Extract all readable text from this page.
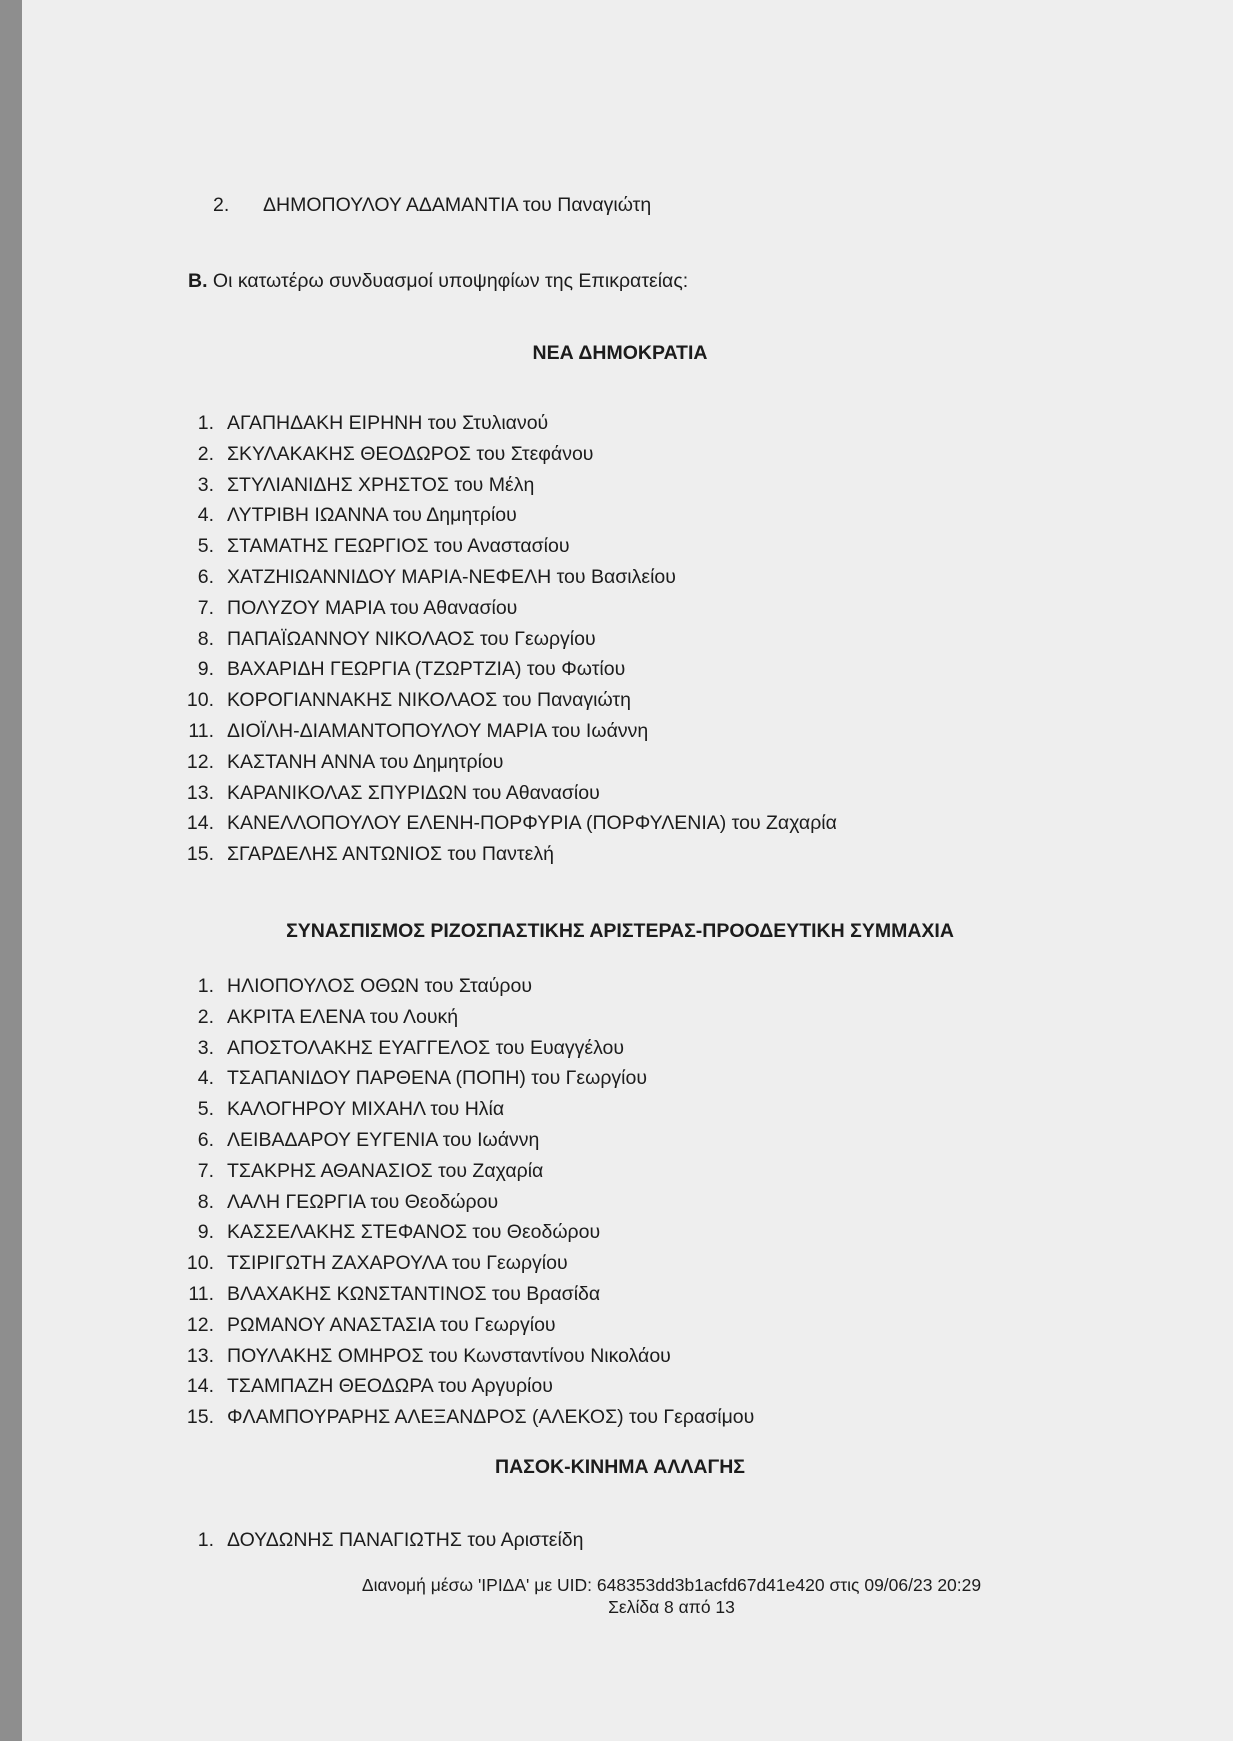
2. ΔΗΜΟΠΟΥΛΟΥ ΑΔΑΜΑΝΤΙΑ του Παναγιώτη
Β. Οι κατωτέρω συνδυασμοί υποψηφίων της Επικρατείας:
ΝΕΑ ΔΗΜΟΚΡΑΤΙΑ
1. ΑΓΑΠΗΔΑΚΗ ΕΙΡΗΝΗ του Στυλιανού
2. ΣΚΥΛΑΚΑΚΗΣ ΘΕΟΔΩΡΟΣ του Στεφάνου
3. ΣΤΥΛΙΑΝΙΔΗΣ ΧΡΗΣΤΟΣ του Μέλη
4. ΛΥΤΡΙΒΗ ΙΩΑΝΝΑ του Δημητρίου
5. ΣΤΑΜΑΤΗΣ ΓΕΩΡΓΙΟΣ του Αναστασίου
6. ΧΑΤΖΗΙΩΑΝΝΙΔΟΥ ΜΑΡΙΑ-ΝΕΦΕΛΗ του Βασιλείου
7. ΠΟΛΥΖΟΥ ΜΑΡΙΑ του Αθανασίου
8. ΠΑΠΑΪΩΑΝΝΟΥ ΝΙΚΟΛΑΟΣ του Γεωργίου
9. ΒΑΧΑΡΙΔΗ ΓΕΩΡΓΙΑ (ΤΖΩΡΤΖΙΑ) του Φωτίου
10. ΚΟΡΟΓΙΑΝΝΑΚΗΣ ΝΙΚΟΛΑΟΣ του Παναγιώτη
11. ΔΙΟΪΛΗ-ΔΙΑΜΑΝΤΟΠΟΥΛΟΥ ΜΑΡΙΑ του Ιωάννη
12. ΚΑΣΤΑΝΗ ΑΝΝΑ του Δημητρίου
13. ΚΑΡΑΝΙΚΟΛΑΣ ΣΠΥΡΙΔΩΝ του Αθανασίου
14. ΚΑΝΕΛΛΟΠΟΥΛΟΥ ΕΛΕΝΗ-ΠΟΡΦΥΡΙΑ (ΠΟΡΦΥΛΕΝΙΑ) του Ζαχαρία
15. ΣΓΑΡΔΕΛΗΣ ΑΝΤΩΝΙΟΣ του Παντελή
ΣΥΝΑΣΠΙΣΜΟΣ ΡΙΖΟΣΠΑΣΤΙΚΗΣ ΑΡΙΣΤΕΡΑΣ-ΠΡΟΟΔΕΥΤΙΚΗ ΣΥΜΜΑΧΙΑ
1. ΗΛΙΟΠΟΥΛΟΣ ΟΘΩΝ του Σταύρου
2. ΑΚΡΙΤΑ ΕΛΕΝΑ του Λουκή
3. ΑΠΟΣΤΟΛΑΚΗΣ ΕΥΑΓΓΕΛΟΣ του Ευαγγέλου
4. ΤΣΑΠΑΝΙΔΟΥ ΠΑΡΘΕΝΑ (ΠΟΠΗ) του Γεωργίου
5. ΚΑΛΟΓΗΡΟΥ ΜΙΧΑΗΛ του Ηλία
6. ΛΕΙΒΑΔΑΡΟΥ ΕΥΓΕΝΙΑ του Ιωάννη
7. ΤΣΑΚΡΗΣ ΑΘΑΝΑΣΙΟΣ του Ζαχαρία
8. ΛΑΛΗ ΓΕΩΡΓΙΑ του Θεοδώρου
9. ΚΑΣΣΕΛΑΚΗΣ ΣΤΕΦΑΝΟΣ του Θεοδώρου
10. ΤΣΙΡΙΓΩΤΗ ΖΑΧΑΡΟΥΛΑ του Γεωργίου
11. ΒΛΑΧΑΚΗΣ ΚΩΝΣΤΑΝΤΙΝΟΣ του Βρασίδα
12. ΡΩΜΑΝΟΥ ΑΝΑΣΤΑΣΙΑ του Γεωργίου
13. ΠΟΥΛΑΚΗΣ ΟΜΗΡΟΣ του Κωνσταντίνου Νικολάου
14. ΤΣΑΜΠΑΖΗ ΘΕΟΔΩΡΑ του Αργυρίου
15. ΦΛΑΜΠΟΥΡΑΡΗΣ ΑΛΕΞΑΝΔΡΟΣ (ΑΛΕΚΟΣ) του Γερασίμου
ΠΑΣΟΚ-ΚΙΝΗΜΑ ΑΛΛΑΓΗΣ
1. ΔΟΥΔΩΝΗΣ ΠΑΝΑΓΙΩΤΗΣ του Αριστείδη
Διανομή μέσω 'ΙΡΙΔΑ' με UID: 648353dd3b1acfd67d41e420 στις 09/06/23 20:29
Σελίδα 8 από 13
